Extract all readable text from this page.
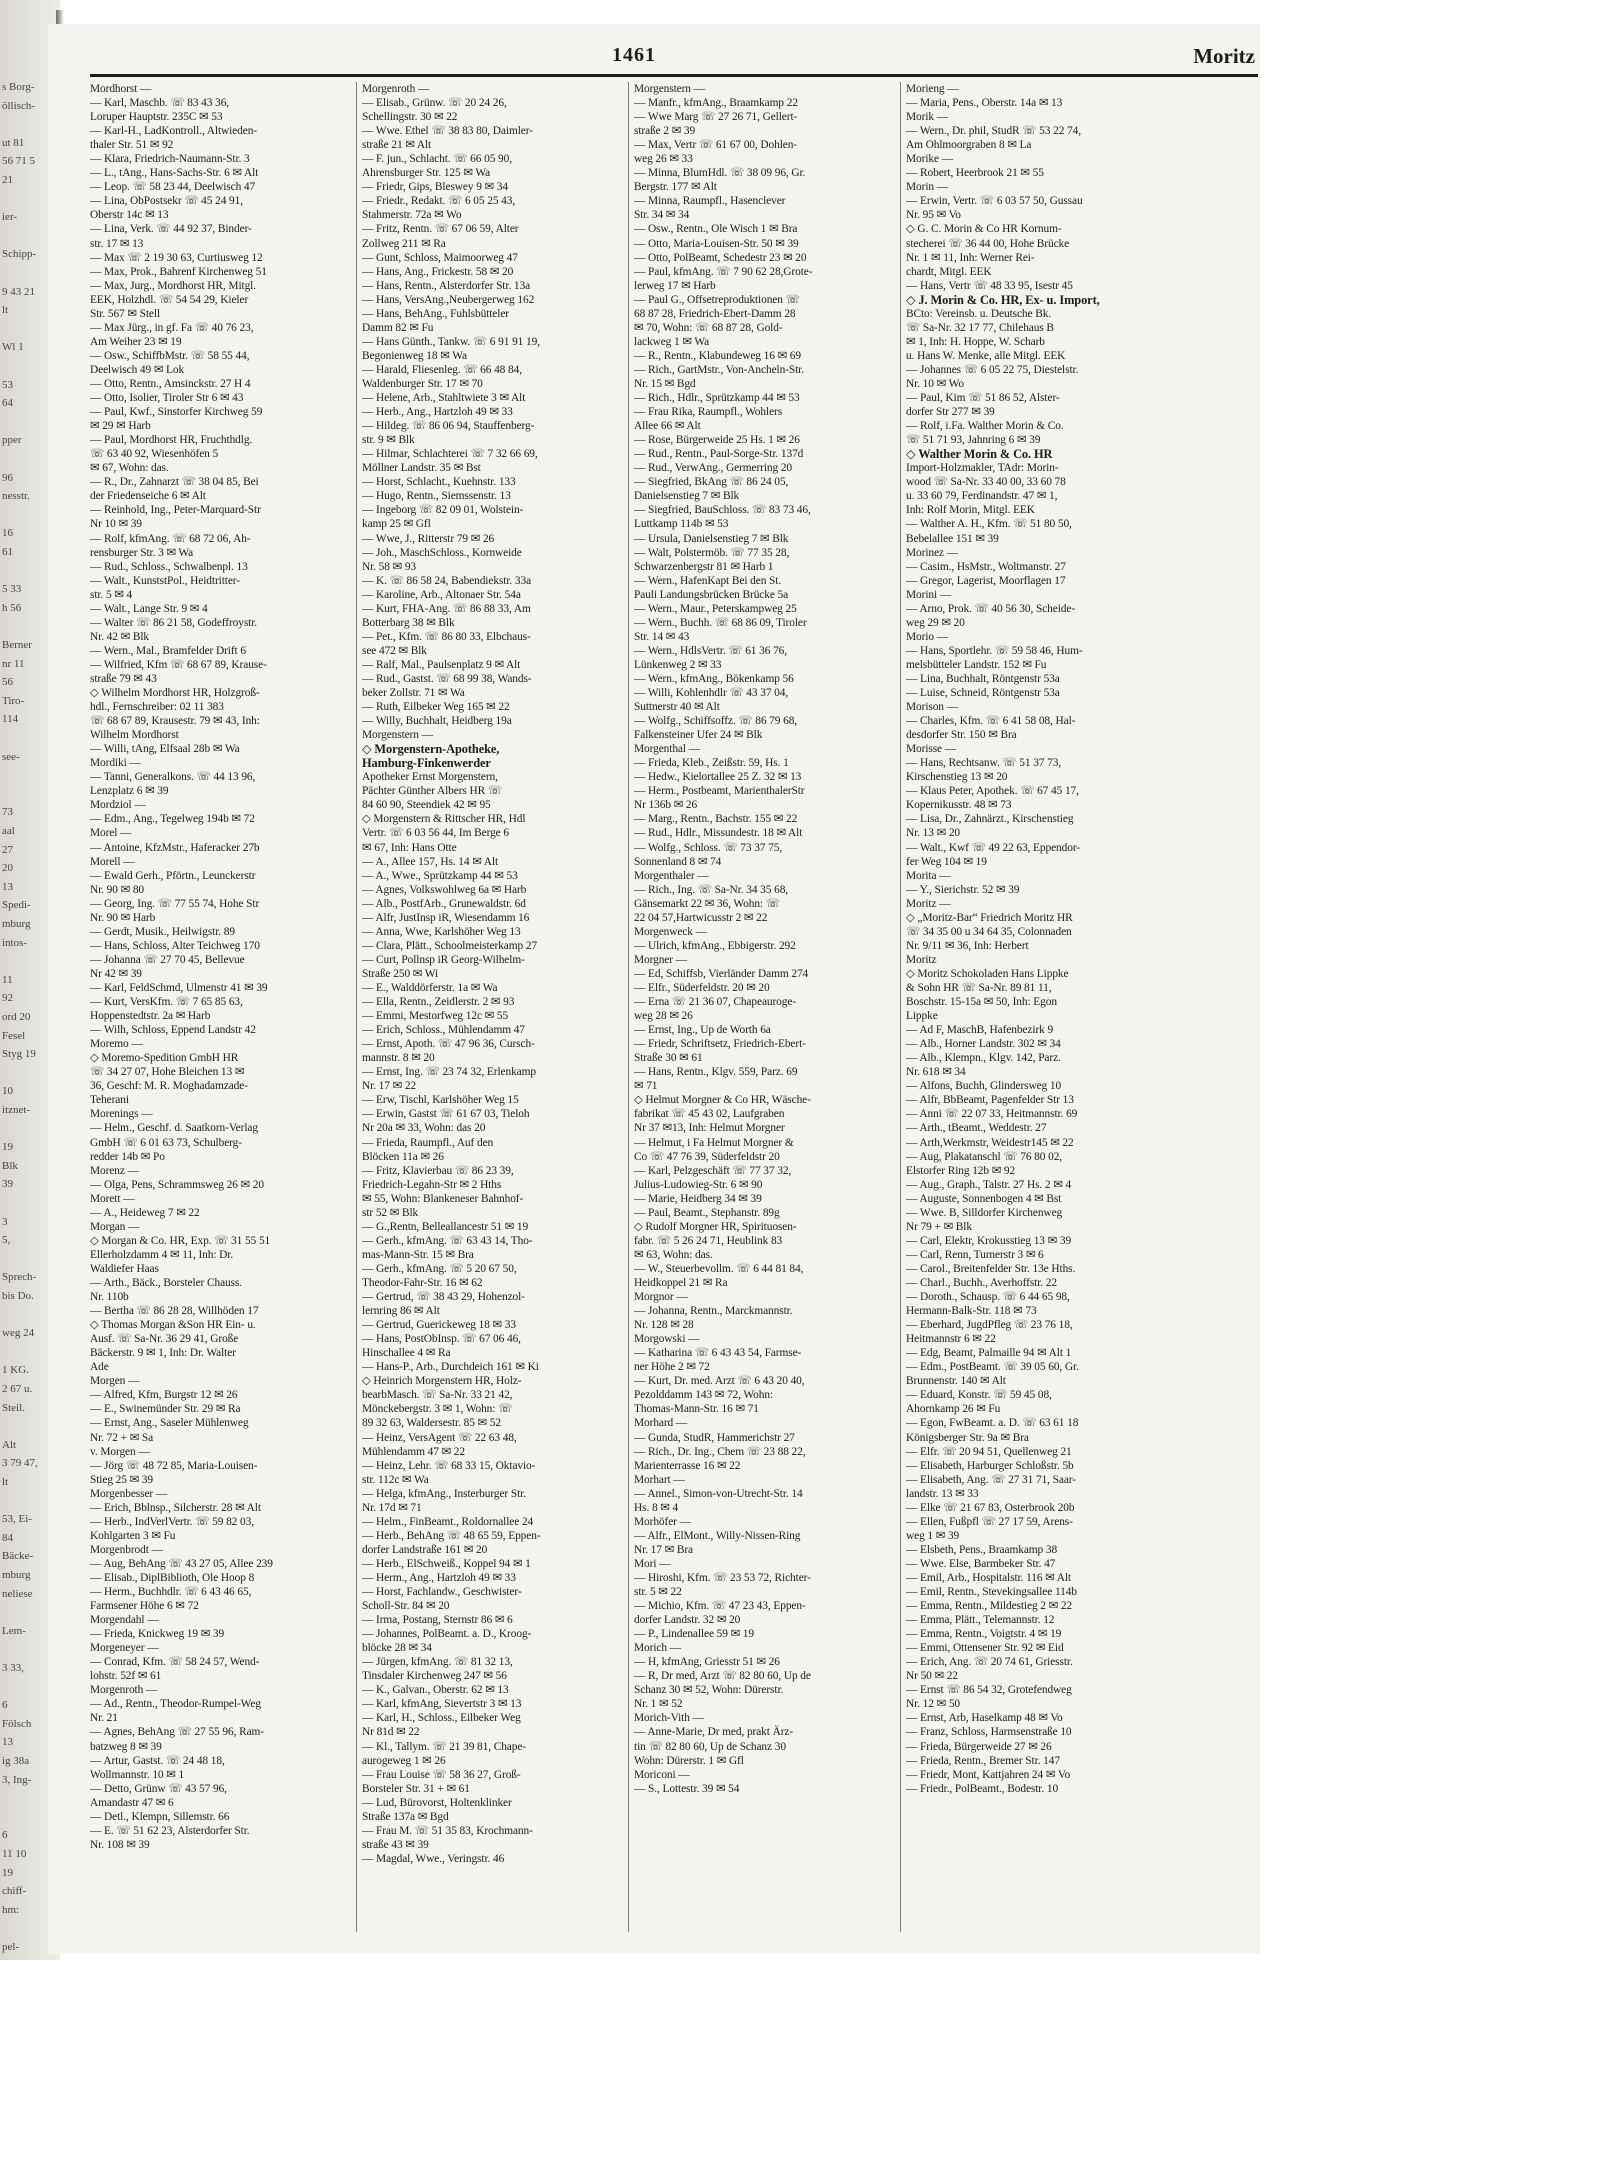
s Borg-
öllisch-
ut 81
56 71 5
21
ier-
Schipp-
9 43 21
lt
Wl 1
53
64
pper
96
nesstr.
16
61
5 33
h 56
Berner
nr 11
56
Tiro-
114
see-
73
aal
27
20
13
Spedi-
mburg
intos-
11
92
ord 20
Fesel
Styg 19
10
itznet-
19
Blk
39
3
5,
Sprech-
bis Do.
weg 24
1 KG.
2 67 u.
Steil.
Alt
3 79 47,
lt
53, Ei-
84
Bäcke-
mburg
neliese
Lem-
3 33,
6
Fölsch
13
ig 38a
3, Ing-
6
11 10
19
chiff-
hm:
pel-
1461	Moritz
Mordhorst —
— Karl, Maschb. ☏ 83 43 36,
Loruper Hauptstr. 235C ✉ 53
— Karl-H., LadKontroll., Altwieden-
thaler Str. 51 ✉ 92
— Klara, Friedrich-Naumann-Str. 3
— L., tAng., Hans-Sachs-Str. 6 ✉ Alt
— Leop. ☏ 58 23 44, Deelwisch 47
— Lina, ObPostsekr ☏ 45 24 91,
Oberstr 14c ✉ 13
— Lina, Verk. ☏ 44 92 37, Binder-
str. 17 ✉ 13
— Max ☏ 2 19 30 63, Curtiusweg 12
— Max, Prok., Bahrenf Kirchenweg 51
— Max, Jurg., Mordhorst HR, Mitgl.
EEK, Holzhdl. ☏ 54 54 29, Kieler
Str. 567 ✉ Stell
— Max Jürg., in gf. Fa ☏ 40 76 23,
Am Weiher 23 ✉ 19
— Osw., SchiffbMstr. ☏ 58 55 44,
Deelwisch 49 ✉ Lok
— Otto, Rentn., Amsinckstr. 27 H 4
— Otto, Isolier, Tiroler Str 6 ✉ 43
— Paul, Kwf., Sinstorfer Kirchweg 59
✉ 29 ✉ Harb
— Paul, Mordhorst HR, Fruchthdlg.
☏ 63 40 92, Wiesenhöfen 5
✉ 67, Wohn: das.
— R., Dr., Zahnarzt ☏ 38 04 85, Bei
der Friedenseiche 6 ✉ Alt
— Reinhold, Ing., Peter-Marquard-Str
Nr 10 ✉ 39
— Rolf, kfmAng. ☏ 68 72 06, Ah-
rensburger Str. 3 ✉ Wa
— Rud., Schloss., Schwalbenpl. 13
— Walt., KunststPol., Heidtritter-
str. 5 ✉ 4
— Walt., Lange Str. 9 ✉ 4
— Walter ☏ 86 21 58, Godeffroystr.
Nr. 42 ✉ Blk
— Wern., Mal., Bramfelder Drift 6
— Wilfried, Kfm ☏ 68 67 89, Krause-
straße 79 ✉ 43
◇ Wilhelm Mordhorst HR, Holzgroß-
hdl., Fernschreiber: 02 11 383
☏ 68 67 89, Krausestr. 79 ✉ 43, Inh:
Wilhelm Mordhorst
— Willi, tAng, Elfsaal 28b ✉ Wa
Mordiki —
— Tanni, Generalkons. ☏ 44 13 96,
Lenzplatz 6 ✉ 39
Mordziol —
— Edm., Ang., Tegelweg 194b ✉ 72
Morel —
— Antoine, KfzMstr., Haferacker 27b
Morell —
— Ewald Gerh., Pförtn., Leunckerstr
Nr. 90 ✉ 80
— Georg, Ing. ☏ 77 55 74, Hohe Str
Nr. 90 ✉ Harb
— Gerdt, Musik., Heilwigstr. 89
— Hans, Schloss, Alter Teichweg 170
— Johanna ☏ 27 70 45, Bellevue
Nr 42 ✉ 39
— Karl, FeldSchmd, Ulmenstr 41 ✉ 39
— Kurt, VersKfm. ☏ 7 65 85 63,
Hoppenstedtstr. 2a ✉ Harb
— Wilh, Schloss, Eppend Landstr 42
Moremo —
◇ Moremo-Spedition GmbH HR
☏ 34 27 07, Hohe Bleichen 13 ✉
36, Geschf: M. R. Moghadamzade-
Teherani
Morenings —
— Helm., Geschf. d. Saatkorn-Verlag
GmbH ☏ 6 01 63 73, Schulberg-
redder 14b ✉ Po
Morenz —
— Olga, Pens, Schrammsweg 26 ✉ 20
Morett —
— A., Heideweg 7 ✉ 22
Morgan —
◇ Morgan & Co. HR, Exp. ☏ 31 55 51
Ellerholzdamm 4 ✉ 11, Inh: Dr.
Waldiefer Haas
— Arth., Bäck., Borsteler Chauss.
Nr. 110b
— Bertha ☏ 86 28 28, Willhöden 17
◇ Thomas Morgan &Son HR Ein- u.
Ausf. ☏ Sa-Nr. 36 29 41, Große
Bäckerstr. 9 ✉ 1, Inh: Dr. Walter
Ade
Morgen —
— Alfred, Kfm, Burgstr 12 ✉ 26
— E., Swinemünder Str. 29 ✉ Ra
— Ernst, Ang., Saseler Mühlenweg
Nr. 72 + ✉ Sa
v. Morgen —
— Jörg ☏ 48 72 85, Maria-Louisen-
Stieg 25 ✉ 39
Morgenbesser —
— Erich, Bblnsp., Silcherstr. 28 ✉ Alt
— Herb., IndVerlVertr. ☏ 59 82 03,
Kohlgarten 3 ✉ Fu
Morgenbrodt —
— Aug, BehAng ☏ 43 27 05, Allee 239
— Elisab., DiplBiblioth, Ole Hoop 8
— Herm., Buchhdlr. ☏ 6 43 46 65,
Farmsener Höhe 6 ✉ 72
Morgendahl —
— Frieda, Knickweg 19 ✉ 39
Morgeneyer —
— Conrad, Kfm. ☏ 58 24 57, Wend-
lohstr. 52f ✉ 61
Morgenroth —
— Ad., Rentn., Theodor-Rumpel-Weg
Nr. 21
— Agnes, BehAng ☏ 27 55 96, Ram-
batzweg 8 ✉ 39
— Artur, Gastst. ☏ 24 48 18,
Wollmannstr. 10 ✉ 1
— Detto, Grünw ☏ 43 57 96,
Amandastr 47 ✉ 6
— Detl., Klempn, Sillemstr. 66
— E. ☏ 51 62 23, Alsterdorfer Str.
Nr. 108 ✉ 39
Morgenroth —
— Elisab., Grünw. ☏ 20 24 26,
Schellingstr. 30 ✉ 22
— Wwe. Ethel ☏ 38 83 80, Daimler-
straße 21 ✉ Alt
— F. jun., Schlacht. ☏ 66 05 90,
Ahrensburger Str. 125 ✉ Wa
— Friedr, Gips, Bleswey 9 ✉ 34
— Friedr., Redakt. ☏ 6 05 25 43,
Stahmerstr. 72a ✉ Wo
— Fritz, Rentn. ☏ 67 06 59, Alter
Zollweg 211 ✉ Ra
— Gunt, Schloss, Maimoorweg 47
— Hans, Ang., Frickestr. 58 ✉ 20
— Hans, Rentn., Alsterdorfer Str. 13a
— Hans, VersAng.,Neubergerweg 162
— Hans, BehAng., Fuhlsbütteler
Damm 82 ✉ Fu
— Hans Günth., Tankw. ☏ 6 91 91 19,
Begonienweg 18 ✉ Wa
— Harald, Fliesenleg. ☏ 66 48 84,
Waldenburger Str. 17 ✉ 70
— Helene, Arb., Stahltwiete 3 ✉ Alt
— Herb., Ang., Hartzloh 49 ✉ 33
— Hildeg. ☏ 86 06 94, Stauffenberg-
str. 9 ✉ Blk
— Hilmar, Schlachterei ☏ 7 32 66 69,
Möllner Landstr. 35 ✉ Bst
— Horst, Schlacht., Kuehnstr. 133
— Hugo, Rentn., Siemssenstr. 13
— Ingeborg ☏ 82 09 01, Wolstein-
kamp 25 ✉ Gfl
— Wwe, J., Ritterstr 79 ✉ 26
— Joh., MaschSchloss., Kornweide
Nr. 58 ✉ 93
— K. ☏ 86 58 24, Babendiekstr. 33a
— Karoline, Arb., Altonaer Str. 54a
— Kurt, FHA-Ang. ☏ 86 88 33, Am
Botterbarg 38 ✉ Blk
— Pet., Kfm. ☏ 86 80 33, Elbchaus-
see 472 ✉ Blk
— Ralf, Mal., Paulsenplatz 9 ✉ Alt
— Rud., Gastst. ☏ 68 99 38, Wands-
beker Zollstr. 71 ✉ Wa
— Ruth, Eilbeker Weg 165 ✉ 22
— Willy, Buchhalt, Heidberg 19a
Morgenstern —
◇ Morgenstern-Apotheke,
Hamburg-Finkenwerder
Apotheker Ernst Morgenstern,
Pächter Günther Albers HR ☏
84 60 90, Steendiek 42 ✉ 95
◇ Morgenstern & Rittscher HR, Hdl
Vertr. ☏ 6 03 56 44, Im Berge 6
✉ 67, Inh: Hans Otte
— A., Allee 157, Hs. 14 ✉ Alt
— A., Wwe., Sprützkamp 44 ✉ 53
— Agnes, Volkswohlweg 6a ✉ Harb
— Alb., PostfArb., Grunewaldstr. 6d
— Alfr, JustInsp iR, Wiesendamm 16
— Anna, Wwe, Karlshöher Weg 13
— Clara, Plätt., Schoolmeisterkamp 27
— Curt, Pollnsp iR Georg-Wilhelm-
Straße 250 ✉ Wi
— E., Walddörferstr. 1a ✉ Wa
— Ella, Rentn., Zeidlerstr. 2 ✉ 93
— Emmi, Mestorfweg 12c ✉ 55
— Erich, Schloss., Mühlendamm 47
— Ernst, Apoth. ☏ 47 96 36, Cursch-
mannstr. 8 ✉ 20
— Ernst, Ing. ☏ 23 74 32, Erlenkamp
Nr. 17 ✉ 22
— Erw, Tischl, Karlshöher Weg 15
— Erwin, Gastst ☏ 61 67 03, Tieloh
Nr 20a ✉ 33, Wohn: das 20
— Frieda, Raumpfl., Auf den
Blöcken 11a ✉ 26
— Fritz, Klavierbau ☏ 86 23 39,
Friedrich-Legahn-Str ✉ 2 Hths
✉ 55, Wohn: Blankeneser Bahnhof-
str 52 ✉ Blk
— G.,Rentn, Belleallancestr 51 ✉ 19
— Gerh., kfmAng. ☏ 63 43 14, Tho-
mas-Mann-Str. 15 ✉ Bra
— Gerh., kfmAng. ☏ 5 20 67 50,
Theodor-Fahr-Str. 16 ✉ 62
— Gertrud, ☏ 38 43 29, Hohenzol-
lernring 86 ✉ Alt
— Gertrud, Guerickeweg 18 ✉ 33
— Hans, PostObInsp. ☏ 67 06 46,
Hinschallee 4 ✉ Ra
— Hans-P., Arb., Durchdeich 161 ✉ Ki
◇ Heinrich Morgenstern HR, Holz-
bearbMasch. ☏ Sa-Nr. 33 21 42,
Mönckebergstr. 3 ✉ 1, Wohn: ☏
89 32 63, Waldersestr. 85 ✉ 52
— Heinz, VersAgent ☏ 22 63 48,
Mühlendamm 47 ✉ 22
— Heinz, Lehr. ☏ 68 33 15, Oktavio-
str. 112c ✉ Wa
— Helga, kfmAng., Insterburger Str.
Nr. 17d ✉ 71
— Helm., FinBeamt., Roldornallee 24
— Herb., BehAng ☏ 48 65 59, Eppen-
dorfer Landstraße 161 ✉ 20
— Herb., ElSchweiß., Koppel 94 ✉ 1
— Herm., Ang., Hartzloh 49 ✉ 33
— Horst, Fachlandw., Geschwister-
Scholl-Str. 84 ✉ 20
— Irma, Postang, Sternstr 86 ✉ 6
— Johannes, PolBeamt. a. D., Kroog-
blöcke 28 ✉ 34
— Jürgen, kfmAng. ☏ 81 32 13,
Tinsdaler Kirchenweg 247 ✉ 56
— K., Galvan., Oberstr. 62 ✉ 13
— Karl, kfmAng, Sievertstr 3 ✉ 13
— Karl, H., Schloss., Eilbeker Weg
Nr 81d ✉ 22
— Kl., Tallym. ☏ 21 39 81, Chape-
aurogeweg 1 ✉ 26
— Frau Louise ☏ 58 36 27, Groß-
Borsteler Str. 31 + ✉ 61
— Lud, Bürovorst, Holtenklinker
Straße 137a ✉ Bgd
— Frau M. ☏ 51 35 83, Krochmann-
straße 43 ✉ 39
— Magdal, Wwe., Veringstr. 46
Morgenstern —
— Manfr., kfmAng., Braamkamp 22
— Wwe Marg ☏ 27 26 71, Gellert-
straße 2 ✉ 39
— Max, Vertr ☏ 61 67 00, Dohlen-
weg 26 ✉ 33
— Minna, BlumHdl. ☏ 38 09 96, Gr.
Bergstr. 177 ✉ Alt
— Minna, Raumpfl., Hasenclever
Str. 34 ✉ 34
— Osw., Rentn., Ole Wisch 1 ✉ Bra
— Otto, Maria-Louisen-Str. 50 ✉ 39
— Otto, PolBeamt, Schedestr 23 ✉ 20
— Paul, kfmAng. ☏ 7 90 62 28,Grote-
lerweg 17 ✉ Harb
— Paul G., Offsetreproduktionen ☏
68 87 28, Friedrich-Ebert-Damm 28
✉ 70, Wohn: ☏ 68 87 28, Gold-
lackweg 1 ✉ Wa
— R., Rentn., Klabundeweg 16 ✉ 69
— Rich., GartMstr., Von-Ancheln-Str.
Nr. 15 ✉ Bgd
— Rich., Hdlr., Sprützkamp 44 ✉ 53
— Frau Rika, Raumpfl., Wohlers
Allee 66 ✉ Alt
— Rose, Bürgerweide 25 Hs. 1 ✉ 26
— Rud., Rentn., Paul-Sorge-Str. 137d
— Rud., VerwAng., Germerring 20
— Siegfried, BkAng ☏ 86 24 05,
Danielsenstieg 7 ✉ Blk
— Siegfried, BauSchloss. ☏ 83 73 46,
Luttkamp 114b ✉ 53
— Ursula, Danielsenstieg 7 ✉ Blk
— Walt, Polstermöb. ☏ 77 35 28,
Schwarzenbergstr 81 ✉ Harb 1
— Wern., HafenKapt Bei den St.
Pauli Landungsbrücken Brücke 5a
— Wern., Maur., Peterskampweg 25
— Wern., Buchh. ☏ 68 86 09, Tiroler
Str. 14 ✉ 43
— Wern., HdlsVertr. ☏ 61 36 76,
Lünkenweg 2 ✉ 33
— Wern., kfmAng., Bökenkamp 56
— Willi, Kohlenhdlr ☏ 43 37 04,
Suttnerstr 40 ✉ Alt
— Wolfg., Schiffsoffz. ☏ 86 79 68,
Falkensteiner Ufer 24 ✉ Blk
Morgenthal —
— Frieda, Kleb., Zeißstr. 59, Hs. 1
— Hedw., Kielortallee 25 Z. 32 ✉ 13
— Herm., Postbeamt, MarienthalerStr
Nr 136b ✉ 26
— Marg., Rentn., Bachstr. 155 ✉ 22
— Rud., Hdlr., Missundestr. 18 ✉ Alt
— Wolfg., Schloss. ☏ 73 37 75,
Sonnenland 8 ✉ 74
Morgenthaler —
— Rich., Ing. ☏ Sa-Nr. 34 35 68,
Gänsemarkt 22 ✉ 36, Wohn: ☏
22 04 57,Hartwicusstr 2 ✉ 22
Morgenweck —
— Ulrich, kfmAng., Ebbigerstr. 292
Morgner —
— Ed, Schiffsb, Vierländer Damm 274
— Elfr., Süderfeldstr. 20 ✉ 20
— Erna ☏ 21 36 07, Chapeauroge-
weg 28 ✉ 26
— Ernst, Ing., Up de Worth 6a
— Friedr, Schriftsetz, Friedrich-Ebert-
Straße 30 ✉ 61
— Hans, Rentn., Klgv. 559, Parz. 69
✉ 71
◇ Helmut Morgner & Co HR, Wäsche-
fabrikat ☏ 45 43 02, Laufgraben
Nr 37 ✉13, Inh: Helmut Morgner
— Helmut, i Fa Helmut Morgner &
Co ☏ 47 76 39, Süderfeldstr 20
— Karl, Pelzgeschäft ☏ 77 37 32,
Julius-Ludowieg-Str. 6 ✉ 90
— Marie, Heidberg 34 ✉ 39
— Paul, Beamt., Stephanstr. 89g
◇ Rudolf Morgner HR, Spirituosen-
fabr. ☏ 5 26 24 71, Heublink 83
✉ 63, Wohn: das.
— W., Steuerbevollm. ☏ 6 44 81 84,
Heidkoppel 21 ✉ Ra
Morgnor —
— Johanna, Rentn., Marckmannstr.
Nr. 128 ✉ 28
Morgowski —
— Katharina ☏ 6 43 43 54, Farmse-
ner Höhe 2 ✉ 72
— Kurt, Dr. med. Arzt ☏ 6 43 20 40,
Pezolddamm 143 ✉ 72, Wohn:
Thomas-Mann-Str. 16 ✉ 71
Morhard —
— Gunda, StudR, Hammerichstr 27
— Rich., Dr. Ing., Chem ☏ 23 88 22,
Marienterrasse 16 ✉ 22
Morhart —
— Annel., Simon-von-Utrecht-Str. 14
Hs. 8 ✉ 4
Morhöfer —
— Alfr., ElMont., Willy-Nissen-Ring
Nr. 17 ✉ Bra
Mori —
— Hiroshi, Kfm. ☏ 23 53 72, Richter-
str. 5 ✉ 22
— Michio, Kfm. ☏ 47 23 43, Eppen-
dorfer Landstr. 32 ✉ 20
— P., Lindenallee 59 ✉ 19
Morich —
— H, kfmAng, Griesstr 51 ✉ 26
— R, Dr med, Arzt ☏ 82 80 60, Up de
Schanz 30 ✉ 52, Wohn: Dürerstr.
Nr. 1 ✉ 52
Morich-Vith —
— Anne-Marie, Dr med, prakt Ärz-
tin ☏ 82 80 60, Up de Schanz 30
Wohn: Dürerstr. 1 ✉ Gfl
Moriconi —
— S., Lottestr. 39 ✉ 54
Morieng —
— Maria, Pens., Oberstr. 14a ✉ 13
Morik —
— Wern., Dr. phil, StudR ☏ 53 22 74,
Am Ohlmoorgraben 8 ✉ La
Morike —
— Robert, Heerbrook 21 ✉ 55
Morin —
— Erwin, Vertr. ☏ 6 03 57 50, Gussau
Nr. 95 ✉ Vo
◇ G. C. Morin & Co HR Kornum-
stecherei ☏ 36 44 00, Hohe Brücke
Nr. 1 ✉ 11, Inh: Werner Rei-
chardt, Mitgl. EEK
— Hans, Vertr ☏ 48 33 95, Isestr 45
◇ J. Morin & Co. HR, Ex- u. Import,
BCto: Vereinsb. u. Deutsche Bk.
☏ Sa-Nr. 32 17 77, Chilehaus B
✉ 1, Inh: H. Hoppe, W. Scharb
u. Hans W. Menke, alle Mitgl. EEK
— Johannes ☏ 6 05 22 75, Diestelstr.
Nr. 10 ✉ Wo
— Paul, Kim ☏ 51 86 52, Alster-
dorfer Str 277 ✉ 39
— Rolf, i.Fa. Walther Morin & Co.
☏ 51 71 93, Jahnring 6 ✉ 39
◇ Walther Morin & Co. HR
Import-Holzmakler, TAdr: Morin-
wood ☏ Sa-Nr. 33 40 00, 33 60 78
u. 33 60 79, Ferdinandstr. 47 ✉ 1,
Inh: Rolf Morin, Mitgl. EEK
— Walther A. H., Kfm. ☏ 51 80 50,
Bebelallee 151 ✉ 39
Morinez —
— Casim., HsMstr., Woltmanstr. 27
— Gregor, Lagerist, Moorflagen 17
Morini —
— Arno, Prok. ☏ 40 56 30, Scheide-
weg 29 ✉ 20
Morio —
— Hans, Sportlehr. ☏ 59 58 46, Hum-
melsbütteler Landstr. 152 ✉ Fu
— Lina, Buchhalt, Röntgenstr 53a
— Luise, Schneid, Röntgenstr 53a
Morison —
— Charles, Kfm. ☏ 6 41 58 08, Hal-
desdorfer Str. 150 ✉ Bra
Morisse —
— Hans, Rechtsanw. ☏ 51 37 73,
Kirschenstieg 13 ✉ 20
— Klaus Peter, Apothek. ☏ 67 45 17,
Kopernikusstr. 48 ✉ 73
— Lisa, Dr., Zahnärzt., Kirschenstieg
Nr. 13 ✉ 20
— Walt., Kwf ☏ 49 22 63, Eppendor-
fer Weg 104 ✉ 19
Morita —
— Y., Sierichstr. 52 ✉ 39
Moritz —
◇ „Moritz-Bar“ Friedrich Moritz HR
☏ 34 35 00 u 34 64 35, Colonnaden
Nr. 9/11 ✉ 36, Inh: Herbert
Moritz
◇ Moritz Schokoladen Hans Lippke
& Sohn HR ☏ Sa-Nr. 89 81 11,
Boschstr. 15-15a ✉ 50, Inh: Egon
Lippke
— Ad F, MaschB, Hafenbezirk 9
— Alb., Horner Landstr. 302 ✉ 34
— Alb., Klempn., Klgv. 142, Parz.
Nr. 618 ✉ 34
— Alfons, Buchh, Glindersweg 10
— Alfr, BbBeamt, Pagenfelder Str 13
— Anni ☏ 22 07 33, Heitmannstr. 69
— Arth., tBeamt., Weddestr. 27
— Arth,Werkmstr, Weidestr145 ✉ 22
— Aug, Plakatanschl ☏ 76 80 02,
Elstorfer Ring 12b ✉ 92
— Aug., Graph., Talstr. 27 Hs. 2 ✉ 4
— Auguste, Sonnenbogen 4 ✉ Bst
— Wwe. B, Silldorfer Kirchenweg
Nr 79 + ✉ Blk
— Carl, Elektr, Krokusstieg 13 ✉ 39
— Carl, Renn, Turnerstr 3 ✉ 6
— Carol., Breitenfelder Str. 13e Hths.
— Charl., Buchh., Averhoffstr. 22
— Doroth., Schausp. ☏ 6 44 65 98,
Hermann-Balk-Str. 118 ✉ 73
— Eberhard, JugdPfleg ☏ 23 76 18,
Heitmannstr 6 ✉ 22
— Edg, Beamt, Palmaille 94 ✉ Alt 1
— Edm., PostBeamt. ☏ 39 05 60, Gr.
Brunnenstr. 140 ✉ Alt
— Eduard, Konstr. ☏ 59 45 08,
Ahornkamp 26 ✉ Fu
— Egon, FwBeamt. a. D. ☏ 63 61 18
Königsberger Str. 9a ✉ Bra
— Elfr. ☏ 20 94 51, Quellenweg 21
— Elisabeth, Harburger Schloßstr. 5b
— Elisabeth, Ang. ☏ 27 31 71, Saar-
landstr. 13 ✉ 33
— Elke ☏ 21 67 83, Osterbrook 20b
— Ellen, Fußpfl ☏ 27 17 59, Arens-
weg 1 ✉ 39
— Elsbeth, Pens., Braamkamp 38
— Wwe. Else, Barmbeker Str. 47
— Emil, Arb., Hospitalstr. 116 ✉ Alt
— Emil, Rentn., Stevekingsallee 114b
— Emma, Rentn., Mildestieg 2 ✉ 22
— Emma, Plätt., Telemannstr. 12
— Emma, Rentn., Voigtstr. 4 ✉ 19
— Emmi, Ottensener Str. 92 ✉ Eid
— Erich, Ang. ☏ 20 74 61, Griesstr.
Nr 50 ✉ 22
— Ernst ☏ 86 54 32, Grotefendweg
Nr. 12 ✉ 50
— Ernst, Arb, Haselkamp 48 ✉ Vo
— Franz, Schloss, Harmsenstraße 10
— Frieda, Bürgerweide 27 ✉ 26
— Frieda, Rentn., Bremer Str. 147
— Friedr, Mont, Kattjahren 24 ✉ Vo
— Friedr., PolBeamt., Bodestr. 10
